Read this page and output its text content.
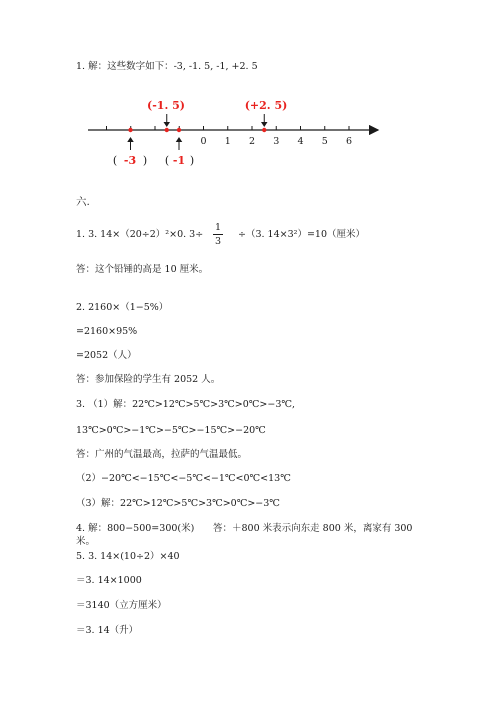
1. 解：这些数字如下：-3, -1. 5, -1, +2. 5
0 1 2 3 4 5 6
(-1. 5)	(+2. 5)
( -3 ) ( -1 )
六.
1. 3. 14×（20÷2）²×0. 3÷
1
3
÷（3. 14×3²）=10（厘米）
答：这个铅锤的高是 10 厘米。
2. 2160×（1−5%）
=2160×95%
=2052（人）
答：参加保险的学生有 2052 人。
3. （1）解：22℃>12℃>5℃>3℃>0℃>−3℃,
13℃>0℃>−1℃>−5℃>−15℃>−20℃
答：广州的气温最高，拉萨的气温最低。
（2）−20℃<−15℃<−5℃<−1℃<0℃<13℃
（3）解：22℃>12℃>5℃>3℃>0℃>−3℃
4. 解：800−500=300(米) 答：＋800 米表示向东走 800 米，离家有 300
米。
5. 3. 14×(10÷2）×40
＝3. 14×1000
＝3140（立方厘米）
＝3. 14（升）
